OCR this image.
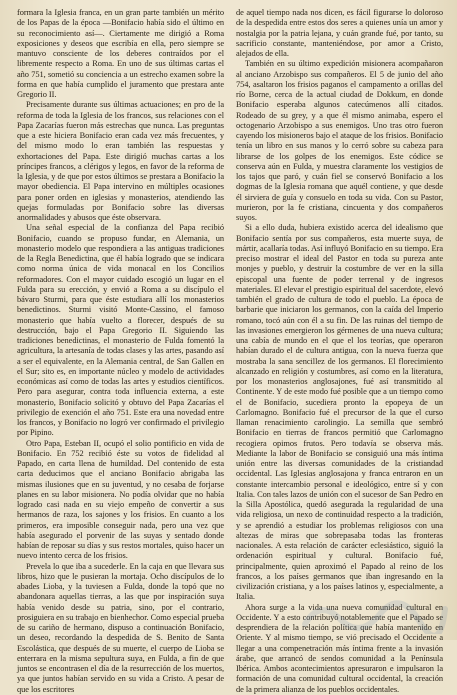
formara la Iglesia franca, en un gran parte también un mérito de los Papas de la época —Bonifacio había sido el último en su reconocimiento así—. Ciertamente me dirigió a Roma exposiciones y deseos que escribía en ella, pero siempre se mantuvo consciente de los deberes contraídos por el libremente respecto a Roma. En uno de sus últimas cartas el año 751, sometió su conciencia a un estrecho examen sobre la forma en que había cumplido el juramento que prestara ante Gregorio II.

Precisamente durante sus últimas actuaciones; en pro de la reforma de toda la Iglesia de los francos, sus relaciones con el Papa Zacarías fueron más estrechas que nunca. Las preguntas que a este hiciera Bonifacio eran cada vez más frecuentes, y del mismo modo lo eran también las respuestas y exhortaciones del Papa. Este dirigió muchas cartas a los príncipes francos, a clérigos y legos, en favor de la reforma de la Iglesia, y de que por estos últimos se prestara a Bonifacio la mayor obediencia. El Papa intervino en múltiples ocasiones para poner orden en iglesias y monasterios, atendiendo las quejas formuladas por Bonifacio sobre las diversas anormalidades y abusos que éste observara.

Una señal especial de la confianza del Papa recibió Bonifacio, cuando se propuso fundar, en Alemania, un monasterio modelo que respondiera a las antiguas tradiciones de la Regla Benedictina, que él había logrado que se indicara como norma única de vida monacal en los Concilios reformadores. Con el mayor cuidado escogió un lugar en el Fulda para su erección, y envió a Roma a su discípulo el bávaro Sturmi, para que éste estudiara allí los monasterios benedictinos. Sturmi visitó Monte-Cassino, el famoso monasterio que había vuelto a florecer, después de su destrucción, bajo el Papa Gregorio II. Siguiendo las tradiciones benedictinas, el monasterio de Fulda fomentó la agricultura, la artesanía de todas clases y las artes, pasando así a ser el equivalente, en la Alemania central, de San Gallen en el Sur; sito es, en importante núcleo y modelo de actividades económicas así como de todas las artes y estudios científicos. Pero para asegurar, contra toda influencia externa, a este monasterio, Bonifacio solicitó y obtuvo del Papa Zacarías el privilegio de exención el año 751. Este era una novedad entre los francos, y Bonifacio no logró ver confirmado el privilegio por Pipino.

Otro Papa, Esteban II, ocupó el solio pontificio en vida de Bonifacio. En 752 recibió éste su votos de fidelidad al Papado, en carta llena de humildad. Del contenido de esta carta deducimos que el anciano Bonifacio abrigaba las mismas ilusiones que en su juventud, y no cesaba de forjarse planes en su labor misionera. No podía olvidar que no había logrado casi nada en su viejo empeño de convertir a sus hermanos de raza, los sajones y los frisios. En cuanto a los primeros, era imposible conseguir nada, pero una vez que había asegurado el porvenir de las suyas y sentado donde habían de reposar su días y sus restos mortales, quiso hacer un nuevo intento cerca de los frisios.

Prevela lo que iba a sucederle. En la caja en que llevara sus libros, hizo que le pusieran la mortaja. Ocho discípulos de lo abades Lioba, y la tuviesen a Fulda, donde la topó que no abandonara aquellas tierras, a las que por inspiración suya había venido desde su patria, sino, por el contrario, prosiguiera en su trabajo en bienhechor. Como especial prueba de su cariño de hermano, dispuso a continuación Bonifacio, un deseo, recordando la despedida de S. Benito de Santa Escolástica, que después de su muerte, el cuerpo de Lioba se enterrara en la misma sepultura suya, en Fulda, a fin de que juntos se encontrasen el día de la resurrección de los muertos, ya que juntos habían servido en su vida a Cristo. A pesar de que los escritores

de aquel tiempo nada nos dicen, es fácil figurarse lo doloroso de la despedida entre estos dos seres a quienes unía un amor y nostalgia por la patria lejana, y cuán grande fué, por tanto, su sacrificio constante, manteniéndose, por amor a Cristo, alejados de ella.

También en su último expedición misionera acompañaron al anciano Arzobispo sus compañeros. El 5 de junio del año 754, asaltaron los frisios paganos el campamento a orillas del río Borne, cerca de la actual ciudad de Dokkum, en donde Bonifacio esperaba algunos catecúmenos allí citados. Rodeado de su grey, y a que él mismo animaba, espero el octogenario Arzobispo a sus enemigos. Uno tras otro fueron cayendo los misioneros bajo el ataque de los frisios. Bonifacio tenía un libro en sus manos y lo cerró sobre su cabeza para librarse de los golpes de los enemigos. Este códice se conserva aún en Fulda, y muestra claramente los vestigios de los tajos que paró, y cuán fiel se conservó Bonifacio a los dogmas de la Iglesia romana que aquél contiene, y que desde él sirviera de guía y consuelo en toda su vida. Con su Pastor, murieron, por la fe cristiana, cincuenta y dos compañeros suyos.

Si a ello duda, hubiera existido acerca del idealismo que Bonifacio sentía por sus compañeros, esta muerte suya, de mártir, acallaría todas. Así influyó Bonifacio en su tiempo. Era preciso mostrar el ideal del Pastor en toda su pureza ante monjes y pueblo, y destruir la costumbre de ver en la silla episcopal una fuente de poder terrenal y de ingresos materiales. El elevar el prestigio espiritual del sacerdote, elevó también el grado de cultura de todo el pueblo. La época de barbarie que iniciaron los germanos, con la caída del Imperio romano, tocó aún con él a su fin. De las ruinas del tiempo de las invasiones emergieron los gérmenes de una nueva cultura; una cabía de mundo en el que el los teorías, que operaron habían durado el de cultura antigua, con la nueva fuerza que mostraba la sana sencillez de los germanos. El florecimiento alcanzado en religión y costumbres, así como en la literatura, por los monasterios anglosajones, fué así transmitido al Continente. Y de este modo fué posible que a un tiempo como el de Bonifacio, sucediera pronto la epopeya de un Carlomagno. Bonifacio fué el precursor de la que el curso llaman renacimiento carolingio. La semilla que sembró Bonifacio en tierras de francos permitió que Carlomagno recogiera opimos frutos. Pero todavía se observa más. Mediante la labor de Bonifacio se consiguió una más íntima unión entre las diversas comunidades de la cristiandad occidental. Las Iglesias anglosajona y franca entraron en un constante intercambio personal e ideológico, entre sí y con Italia. Con tales lazos de unión con el sucesor de San Pedro en la Silla Apostólica, quedó asegurada la regularidad de una vida religiosa, un nexo de continuidad respecto a la tradición, y se aprendió a estudiar los problemas religiosos con una altezas de miras que sobrepasaba todas las fronteras nacionales. A esta relación de carácter eclesiástico, siguió la ordenación espiritual y cultural. Bonifacio fué, principalmente, quien aproximó el Papado al reino de los francos, a los países germanos que iban ingresando en la civilización cristiana, y a los países latinos y, especialmente, a Italia.

Ahora surge a la vida una nueva comunidad cultural en Occidente. Y a esto contribuyó notablemente que el Papado se desprendiera de la relación política que había mantenido en Oriente. Y al mismo tiempo, se vió precisado el Occidente a llegar a una compenetración más íntima frente a la invasión árabe, que arrancó de sendos comunidad a la Península Ibérica. Ambos acontecimientos apresuraron e impulsaron la formación de una comunidad cultural occidental, la creación de la primera alianza de los pueblos occidentales.
